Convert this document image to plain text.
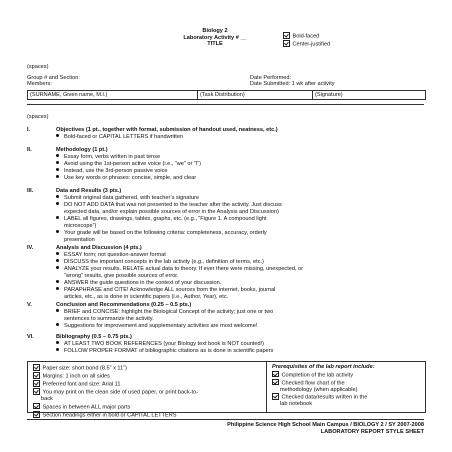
Biology 2
Laboratory Activity # __
TITLE
Bold-faced
Center-justified
(spaces)
Group # and Section:
Members:
Date Performed:
Date Submitted: 1 wk after activity
(SURNAME, Given name, M.I.)	(Task Distribution)	(Signature)
(spaces)
I.	Objectives (1 pt., together with format, submission of handout used, neatness, etc.)
Bold-faced or CAPITAL LETTERS if handwritten
II.	Methodology (1 pt.)
Essay form, verbs written in past tense
Avoid using the 1st-person active voice (i.e., “we” or “I”)
Instead, use the 3rd-person passive voice
Use key words or phrases: concise, simple, and clear
III.	Data and Results (3 pts.)
Submit original data gathered, with teacher’s signature
DO NOT ADD DATA that was not presented to the teacher after the activity. Just discuss
expected data, and/or explain possible sources of error in the Analysis and Discussion)
LABEL all figures, drawings, tables, graphs, etc. (e.g., “Figure 1. A compound light
microscope”)
Your grade will be based on the following criteria: completeness, accuracy, orderly
presentation
IV.	Analysis and Discussion (4 pts.)
ESSAY form; not question-answer format
DISCUSS the important concepts in the lab activity (e.g., definition of terms, etc.)
ANALYZE your results. RELATE actual data to theory. If ever there were missing, unexpected, or
“wrong” results, give possible sources of error.
ANSWER the guide questions in the context of your discussion.
PARAPHRASE and CITE! Acknowledge ALL sources from the internet, books, journal
articles, etc., as is done in scientific papers (i.e., Author, Year), etc.
V.	Conclusion and Recommendations (0.25 – 0.5 pts.)
BRIEF and CONCISE: highlight the Biological Concept of the activity; just one or two
sentences to summarize the activity.
Suggestions for improvement and supplementary activities are most welcome!
VI.	Bibliography (0.5 – 0.75 pts.)
AT LEAST TWO BOOK REFERENCES (your Biology text book is NOT counted!)
FOLLOW PROPER FORMAT of bibliographic citations as is done in scientific papers
Paper size: short bond (8.5” x 11”)
Margins: 1 inch on all sides
Preferred font and size: Arial 11
You may print on the clean side of used paper, or print back-to-
back
Spaces in between ALL major parts
Section headings either in bold or CAPITAL LETTERS
Prerequisites of the lab report include:
Completion of the lab activity
Checked flow chart of the
methodology (when applicable)
Checked data/results written in the
lab notebook
Philippine Science High School Main Campus / BIOLOGY 2 / SY 2007-2008
LABORATORY REPORT STYLE SHEET
